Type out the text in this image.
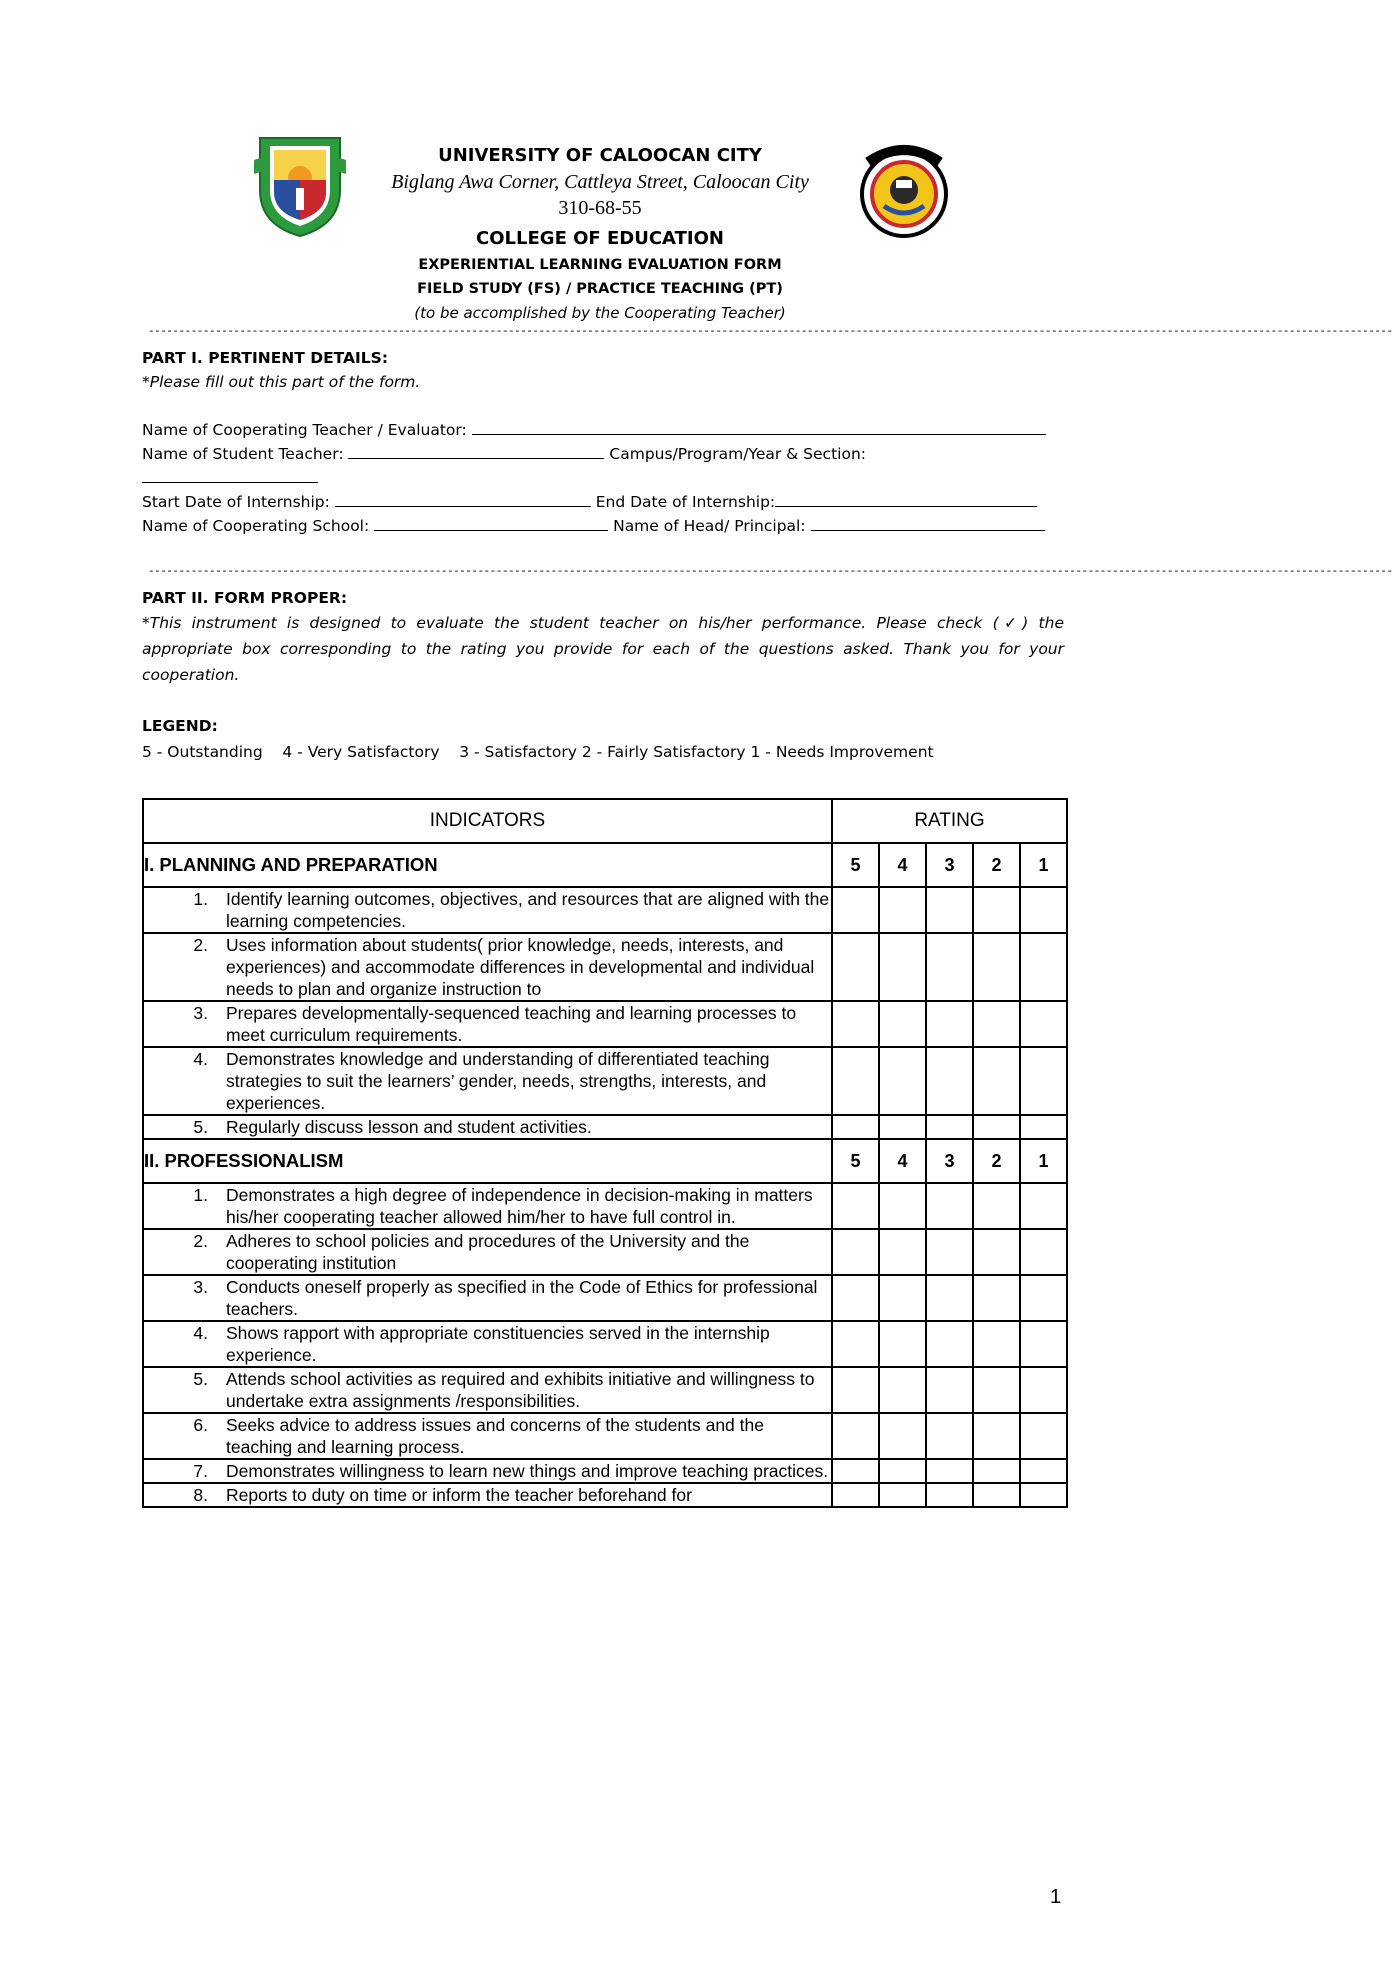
UNIVERSITY OF CALOOCAN CITY
Biglang Awa Corner, Cattleya Street, Caloocan City
310-68-55
COLLEGE OF EDUCATION
EXPERIENTIAL LEARNING EVALUATION FORM
FIELD STUDY (FS) / PRACTICE TEACHING (PT)
(to be accomplished by the Cooperating Teacher)
------------------------------------------------------------------------------------------------------------------------------------------------------------------------------------------------------------
PART I. PERTINENT DETAILS:
*Please fill out this part of the form.
Name of Cooperating Teacher / Evaluator:
Name of Student Teacher:	Campus/Program/Year & Section:
Start Date of Internship:	End Date of Internship:
Name of Cooperating School:	Name of Head/ Principal:
------------------------------------------------------------------------------------------------------------------------------------------------------------------------------------------------------------
PART II. FORM PROPER:
*This instrument is designed to evaluate the student teacher on his/her performance. Please check (✓) the appropriate box corresponding to the rating you provide for each of the questions asked. Thank you for your cooperation.
LEGEND:
5 - Outstanding    4 - Very Satisfactory    3 - Satisfactory 2 - Fairly Satisfactory 1 - Needs Improvement
INDICATORS	RATING				
I. PLANNING AND PREPARATION	5	4	3	2	1

1. Identify learning outcomes, objectives, and resources that are aligned with the learning competencies.					

2. Uses information about students( prior knowledge, needs, interests, and experiences) and accommodate differences in developmental and individual needs to plan and organize instruction to					

3. Prepares developmentally-sequenced teaching and learning processes to meet curriculum requirements.					

4. Demonstrates knowledge and understanding of differentiated teaching strategies to suit the learners’ gender, needs, strengths, interests, and experiences.					

5. Regularly discuss lesson and student activities.					

II. PROFESSIONALISM	5	4	3	2	1

1. Demonstrates a high degree of independence in decision-making in matters his/her cooperating teacher allowed him/her to have full control in.					

2. Adheres to school policies and procedures of the University and the cooperating institution					

3. Conducts oneself properly as specified in the Code of Ethics for professional teachers.					

4. Shows rapport with appropriate constituencies served in the internship experience.					

5. Attends school activities as required and exhibits initiative and willingness to undertake extra assignments /responsibilities.					

6. Seeks advice to address issues and concerns of the students and the teaching and learning process.					

7. Demonstrates willingness to learn new things and improve teaching practices.					

8. Reports to duty on time or inform the teacher beforehand for					

1
